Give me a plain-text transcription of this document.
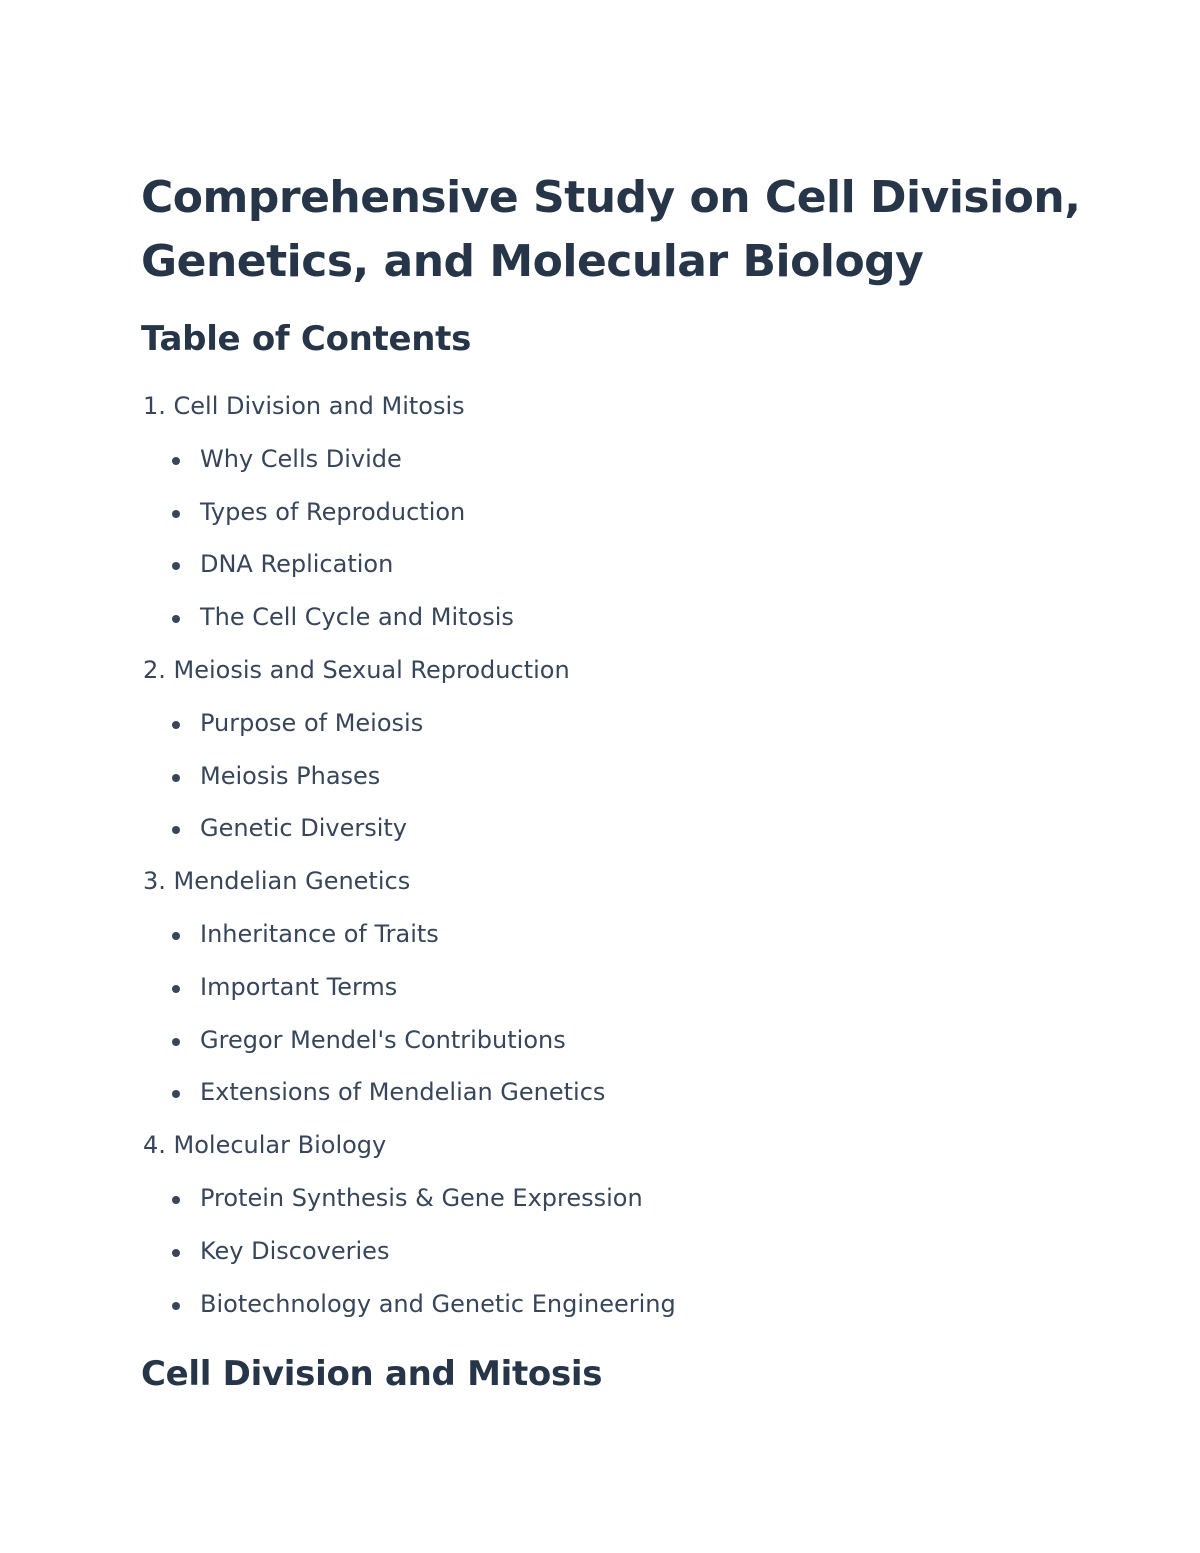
Comprehensive Study on Cell Division,
Genetics, and Molecular Biology
Table of Contents
1. Cell Division and Mitosis
Why Cells Divide
Types of Reproduction
DNA Replication
The Cell Cycle and Mitosis
2. Meiosis and Sexual Reproduction
Purpose of Meiosis
Meiosis Phases
Genetic Diversity
3. Mendelian Genetics
Inheritance of Traits
Important Terms
Gregor Mendel's Contributions
Extensions of Mendelian Genetics
4. Molecular Biology
Protein Synthesis & Gene Expression
Key Discoveries
Biotechnology and Genetic Engineering
Cell Division and Mitosis
